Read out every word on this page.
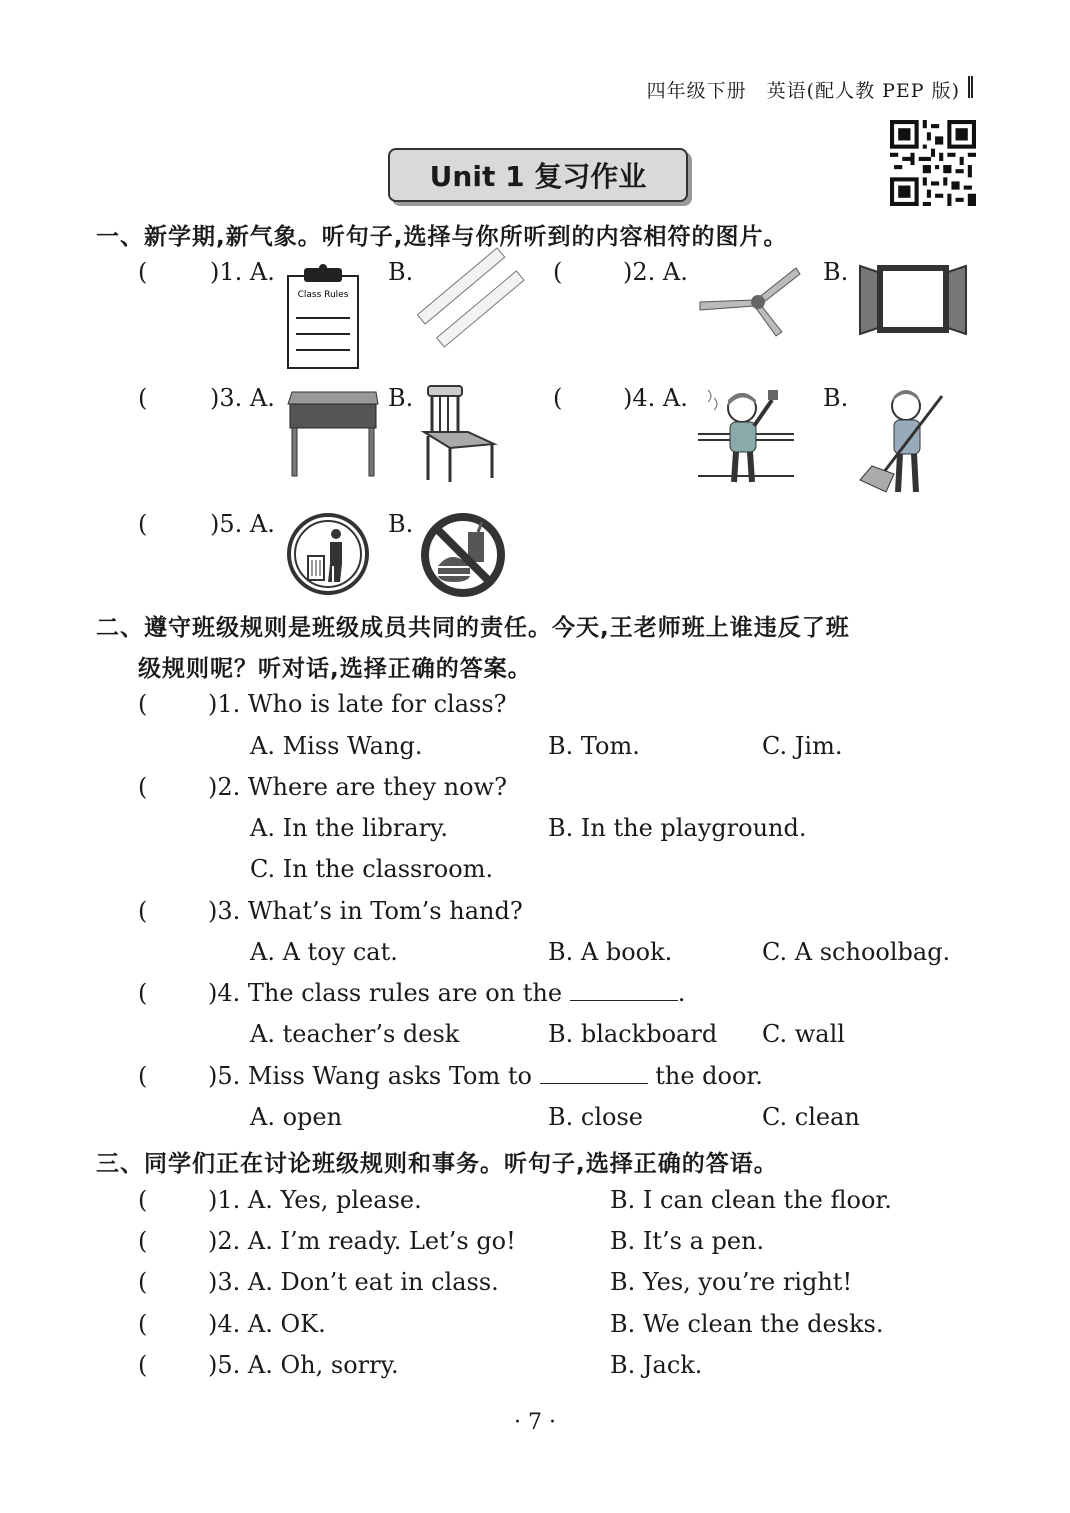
四年级下册　英语(配人教 PEP 版)
Unit 1 复习作业
一、新学期,新气象。听句子,选择与你所听到的内容相符的图片。
(	)1. A.	B.	(	)2. A.	B.
Class Rules
(	)3. A.	B.	(	)4. A.	B.
(	)5. A.	B.
二、遵守班级规则是班级成员共同的责任。今天,王老师班上谁违反了班
级规则呢？听对话,选择正确的答案。
(	)1. Who is late for class?
A. Miss Wang.	B. Tom.	C. Jim.
(	)2. Where are they now?
A. In the library.	B. In the playground.
C. In the classroom.
(	)3. What’s in Tom’s hand?
A. A toy cat.	B. A book.	C. A schoolbag.
(	)4. The class rules are on the	.
A. teacher’s desk	B. blackboard C. wall
(	)5. Miss Wang asks Tom to	the door.
A. open	B. close	C. clean
三、同学们正在讨论班级规则和事务。听句子,选择正确的答语。
(	)1. A. Yes, please.	B. I can clean the floor.
(	)2. A. I’m ready. Let’s go!	B. It’s a pen.
(	)3. A. Don’t eat in class.	B. Yes, you’re right!
(	)4. A. OK.	B. We clean the desks.
(	)5. A. Oh, sorry.	B. Jack.
· 7 ·
